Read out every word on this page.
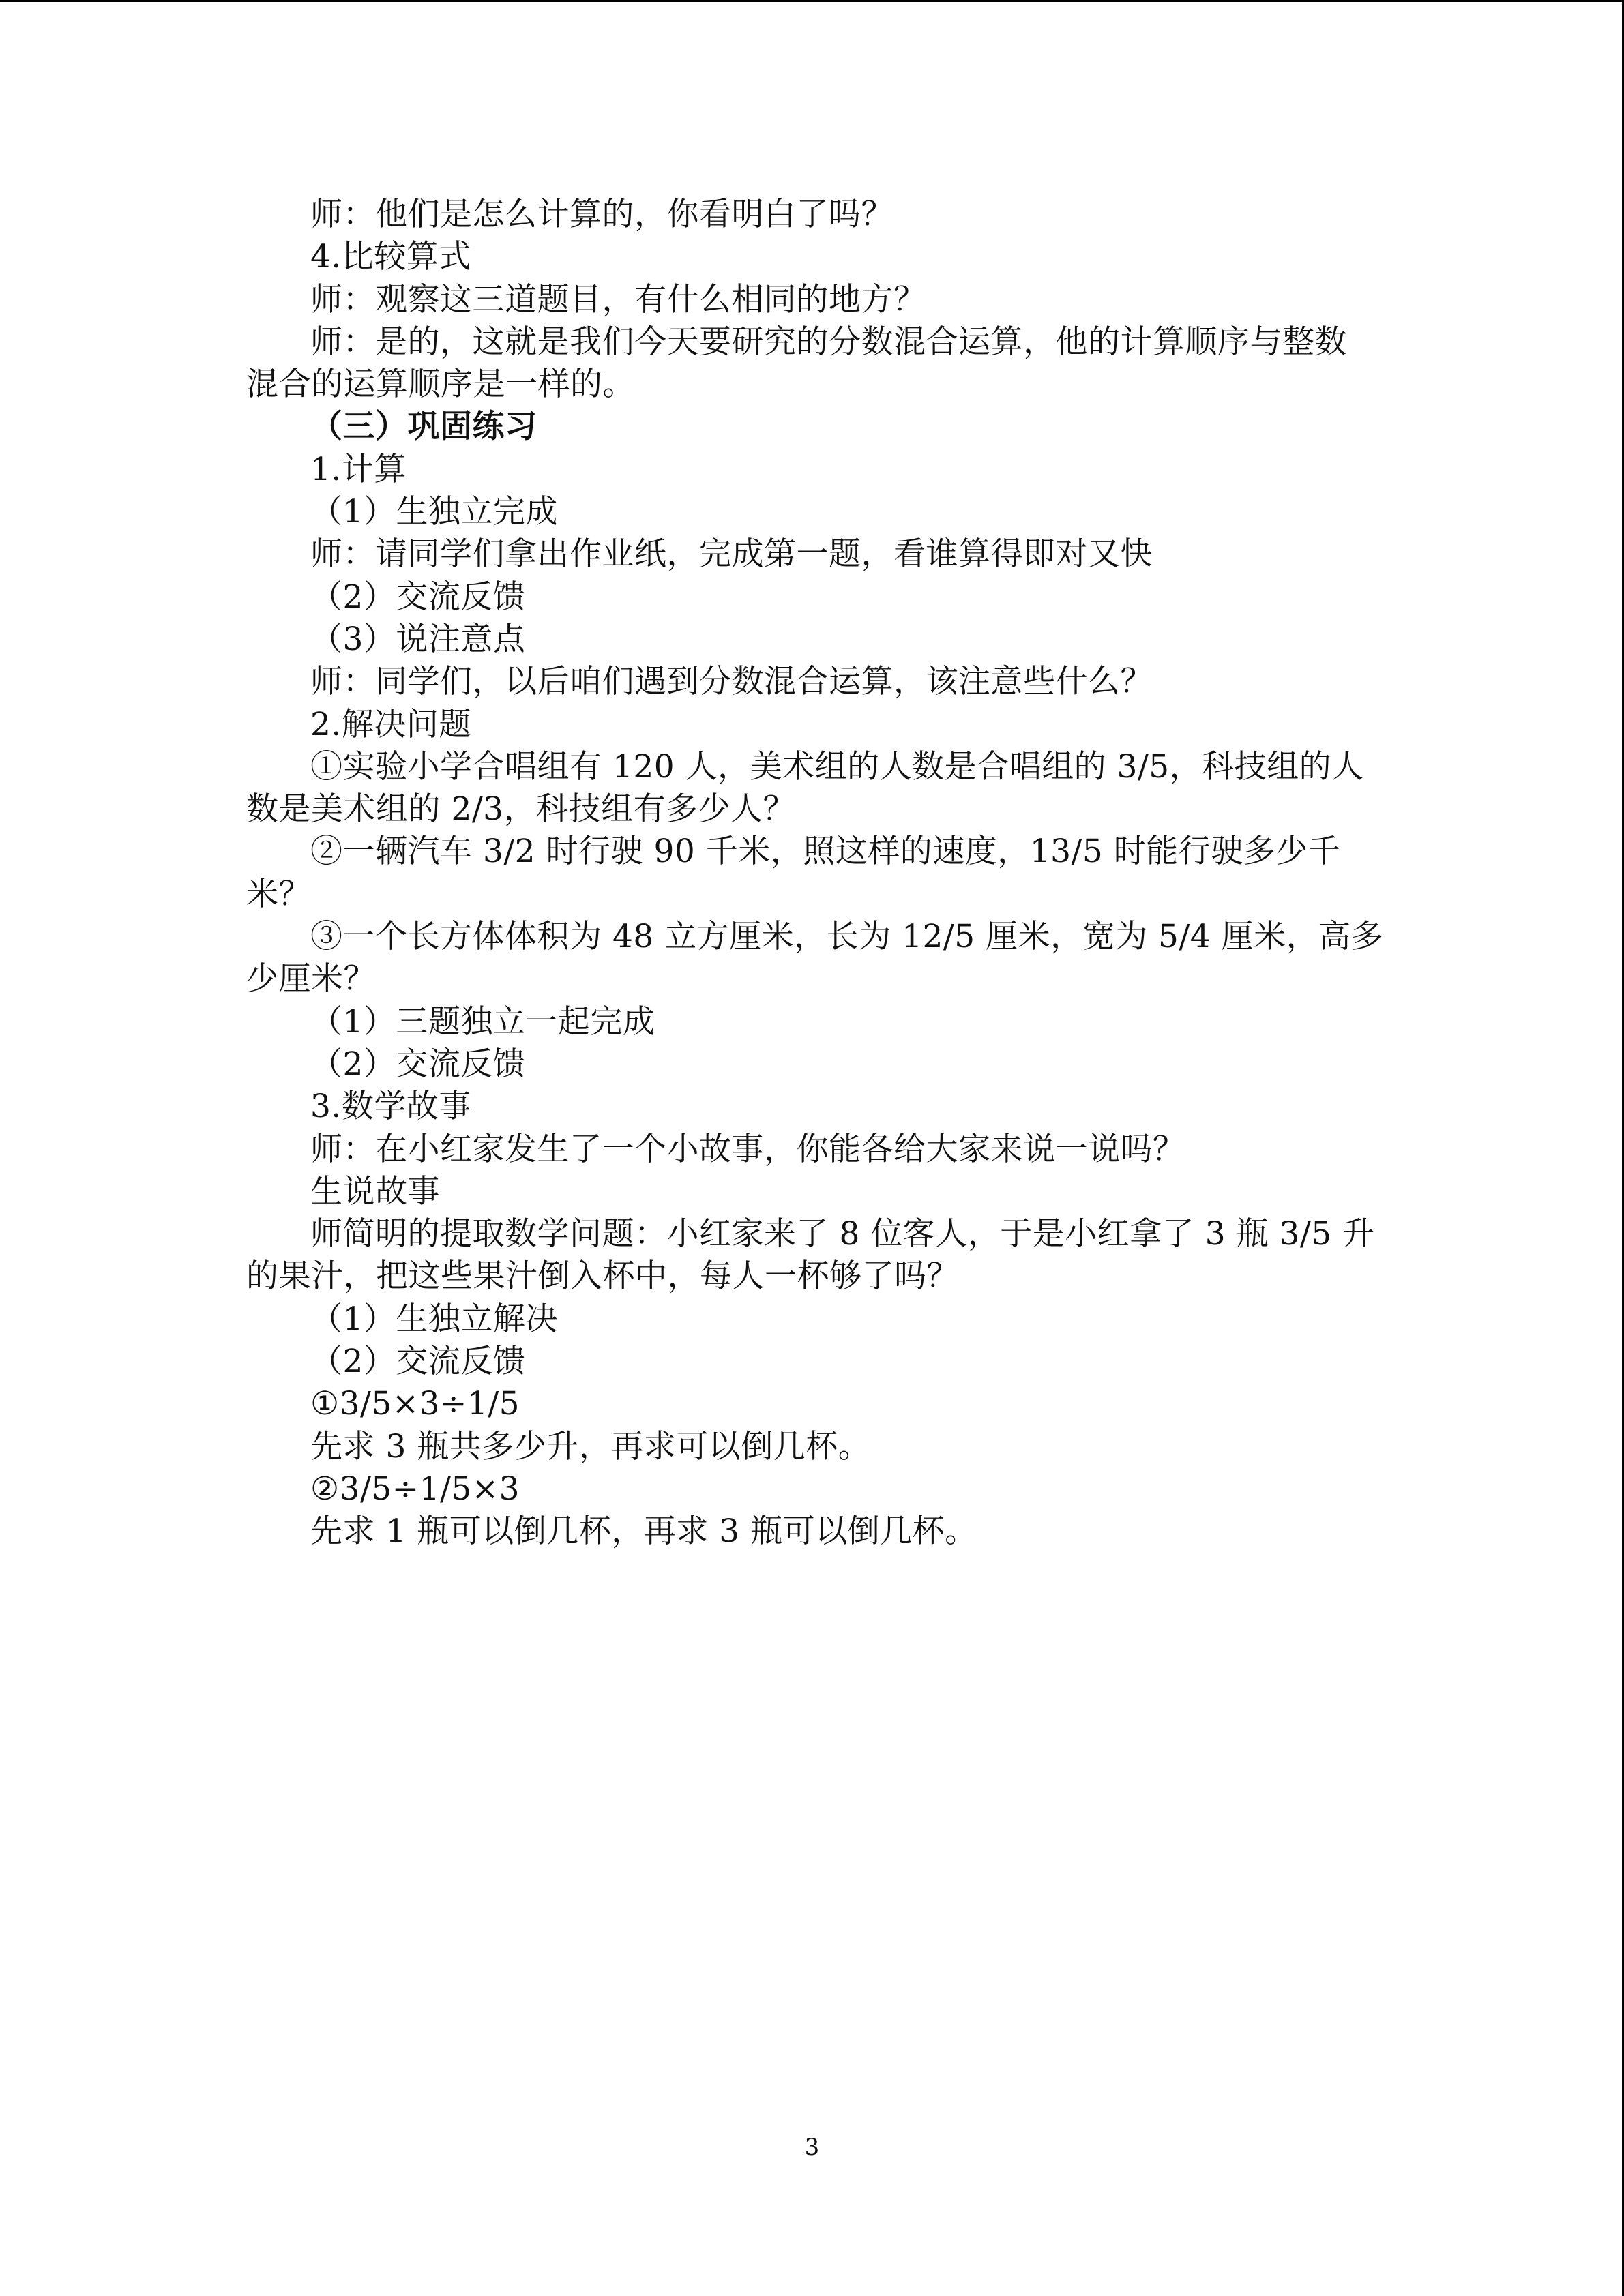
师：他们是怎么计算的，你看明白了吗？
4.比较算式
师：观察这三道题目，有什么相同的地方？
师：是的，这就是我们今天要研究的分数混合运算，他的计算顺序与整数
混合的运算顺序是一样的。
（三）巩固练习
1.计算
（1）生独立完成
师：请同学们拿出作业纸，完成第一题，看谁算得即对又快
（2）交流反馈
（3）说注意点
师：同学们，以后咱们遇到分数混合运算，该注意些什么？
2.解决问题
①实验小学合唱组有 120 人，美术组的人数是合唱组的 3/5，科技组的人
数是美术组的 2/3，科技组有多少人？
②一辆汽车 3/2 时行驶 90 千米，照这样的速度，13/5 时能行驶多少千
米？
③一个长方体体积为 48 立方厘米，长为 12/5 厘米，宽为 5/4 厘米，高多
少厘米？
（1）三题独立一起完成
（2）交流反馈
3.数学故事
师：在小红家发生了一个小故事，你能各给大家来说一说吗？
生说故事
师简明的提取数学问题：小红家来了 8 位客人，于是小红拿了 3 瓶 3/5 升
的果汁，把这些果汁倒入杯中，每人一杯够了吗？
（1）生独立解决
（2）交流反馈
①3/5×3÷1/5
先求 3 瓶共多少升，再求可以倒几杯。
②3/5÷1/5×3
先求 1 瓶可以倒几杯，再求 3 瓶可以倒几杯。
3
